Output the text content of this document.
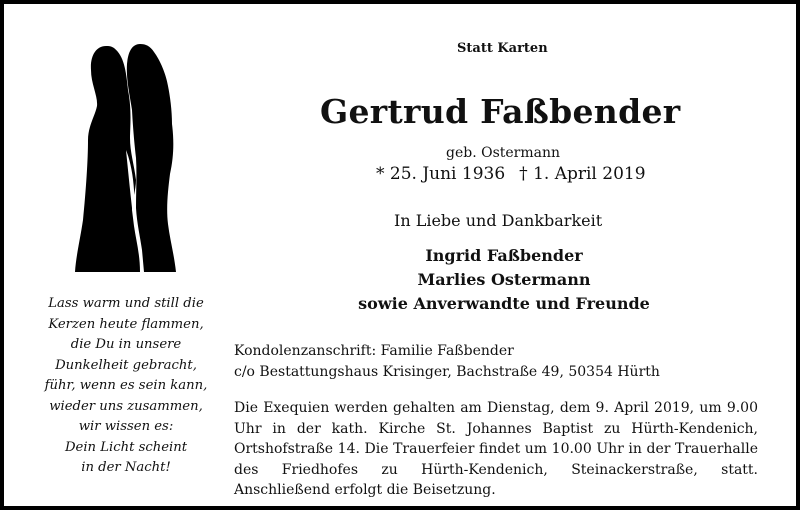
Statt Karten
Gertrud Faßbender
geb. Ostermann
* 25. Juni 1936 † 1. April 2019
In Liebe und Dankbarkeit
Ingrid Faßbender
Marlies Ostermann
sowie Anverwandte und Freunde
Lass warm und still die
Kerzen heute flammen,
die Du in unsere
Dunkelheit gebracht,
führ, wenn es sein kann,
wieder uns zusammen,
wir wissen es:
Dein Licht scheint
in der Nacht!
Kondolenzanschrift: Familie Faßbender
c/o Bestattungshaus Krisinger, Bachstraße 49, 50354 Hürth
Die Exequien werden gehalten am Dienstag, dem 9. April 2019, um 9.00 Uhr in der kath. Kirche St. Johannes Baptist zu Hürth-Kendenich, Ortshofstraße 14. Die Trauerfeier findet um 10.00 Uhr in der Trauerhalle des Friedhofes zu Hürth-Kendenich, Steinackerstraße, statt. Anschließend erfolgt die Beisetzung.
